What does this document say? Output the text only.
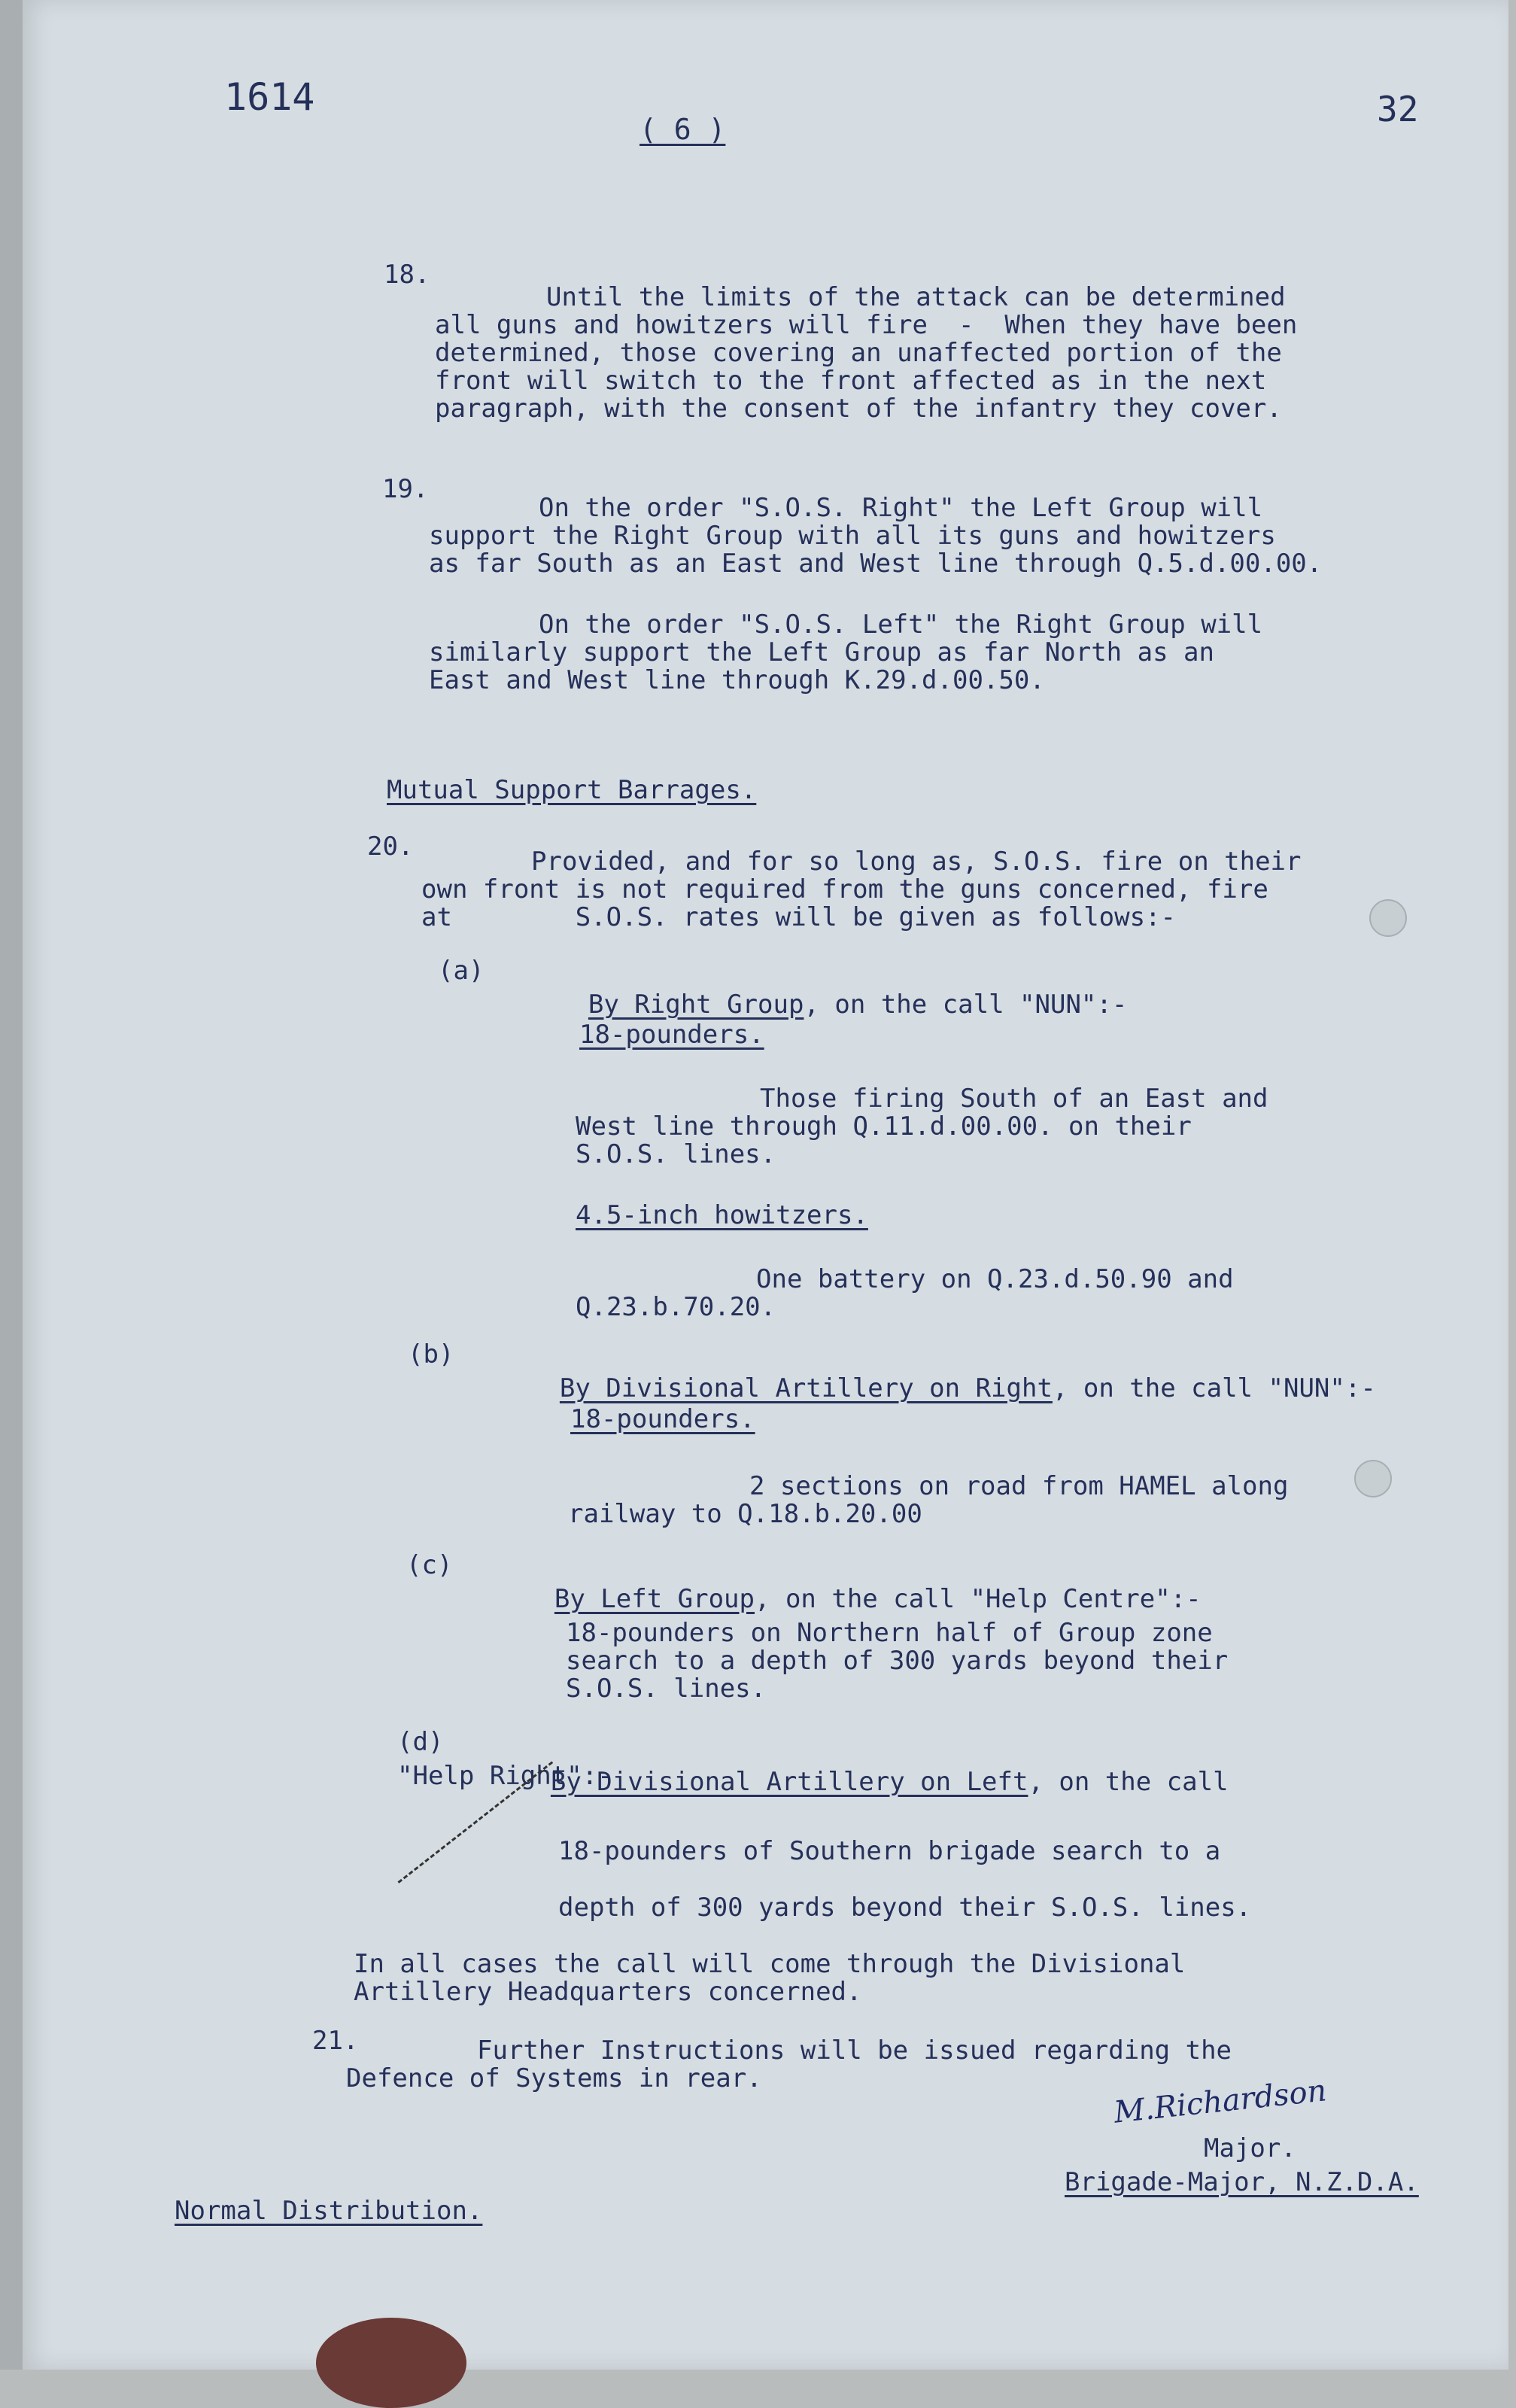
1614
( 6 )	32
18.
Until the limits of the attack can be determined
all guns and howitzers will fire  -  When they have been
determined, those covering an unaffected portion of the
front will switch to the front affected as in the next
paragraph, with the consent of the infantry they cover.
19.
On the order "S.O.S. Right" the Left Group will
support the Right Group with all its guns and howitzers
as far South as an East and West line through Q.5.d.00.00.
On the order "S.O.S. Left" the Right Group will
similarly support the Left Group as far North as an
East and West line through K.29.d.00.50.
Mutual Support Barrages.
20.	Provided, and for so long as, S.O.S. fire on their
own front is not required from the guns concerned, fire
at        S.O.S. rates will be given as follows:-
(a)

By Right Group, on the call "NUN":-

18-pounders.
Those firing South of an East and
West line through Q.11.d.00.00. on their
S.O.S. lines.
4.5-inch howitzers.
One battery on Q.23.d.50.90 and
Q.23.b.70.20.
(b)

By Divisional Artillery on Right, on the call "NUN":-

18-pounders.
2 sections on road from HAMEL along
railway to Q.18.b.20.00
(c)

By Left Group, on the call "Help Centre":-

18-pounders on Northern half of Group zone
search to a depth of 300 yards beyond their
S.O.S. lines.
(d)

By Divisional Artillery on Left, on the call

"Help Right":-
18-pounders of Southern brigade search to a
depth of 300 yards beyond their S.O.S. lines.
In all cases the call will come through the Divisional
Artillery Headquarters concerned.
21.	Further Instructions will be issued regarding the
Defence of Systems in rear.	M.Richardson
Major.
Brigade-Major, N.Z.D.A.
Normal Distribution.
